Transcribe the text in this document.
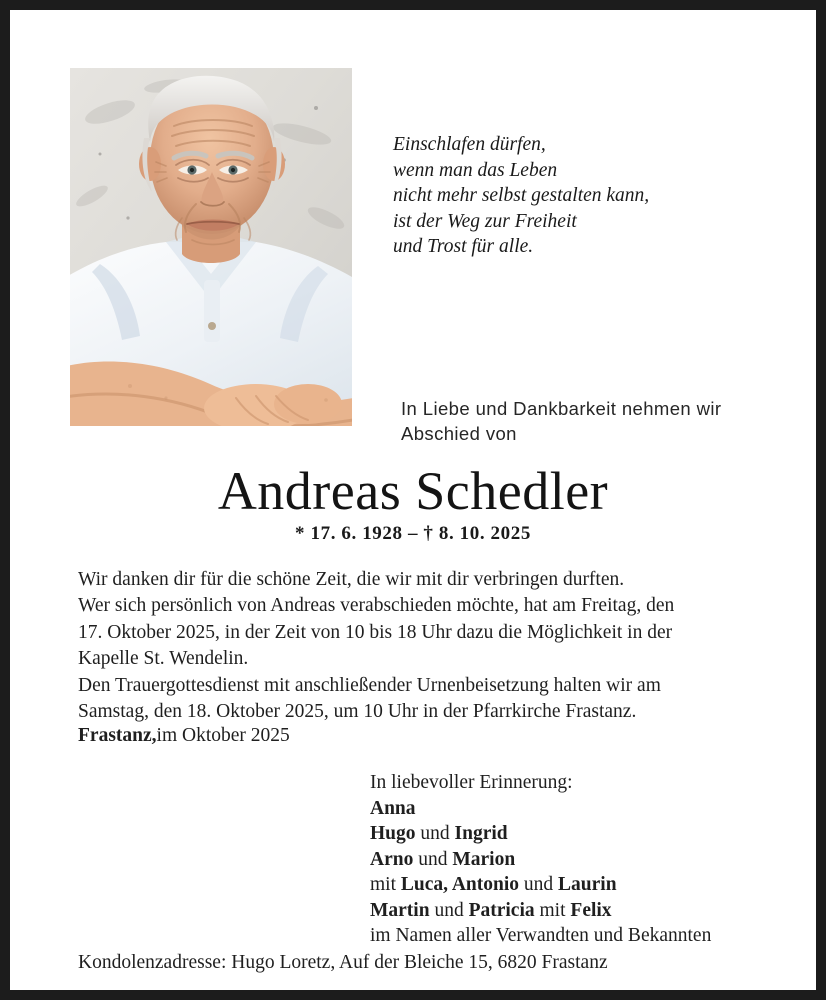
Einschlafen dürfen,
wenn man das Leben
nicht mehr selbst gestalten kann,
ist der Weg zur Freiheit
und Trost für alle.
In Liebe und Dankbarkeit nehmen wir
Abschied von
Andreas Schedler
* 17. 6. 1928 – † 8. 10. 2025
Wir danken dir für die schöne Zeit, die wir mit dir verbringen durften.
Wer sich persönlich von Andreas verabschieden möchte, hat am Freitag, den
17. Oktober 2025, in der Zeit von 10 bis 18 Uhr dazu die Möglichkeit in der
Kapelle St. Wendelin.
Den Trauergottesdienst mit anschließender Urnenbeisetzung halten wir am
Samstag, den 18. Oktober 2025, um 10 Uhr in der Pfarrkirche Frastanz.
Frastanz,im Oktober 2025
In liebevoller Erinnerung:
Anna
Hugo und Ingrid
Arno und Marion
mit Luca, Antonio und Laurin
Martin und Patricia mit Felix
im Namen aller Verwandten und Bekannten
Kondolenzadresse: Hugo Loretz, Auf der Bleiche 15, 6820 Frastanz
